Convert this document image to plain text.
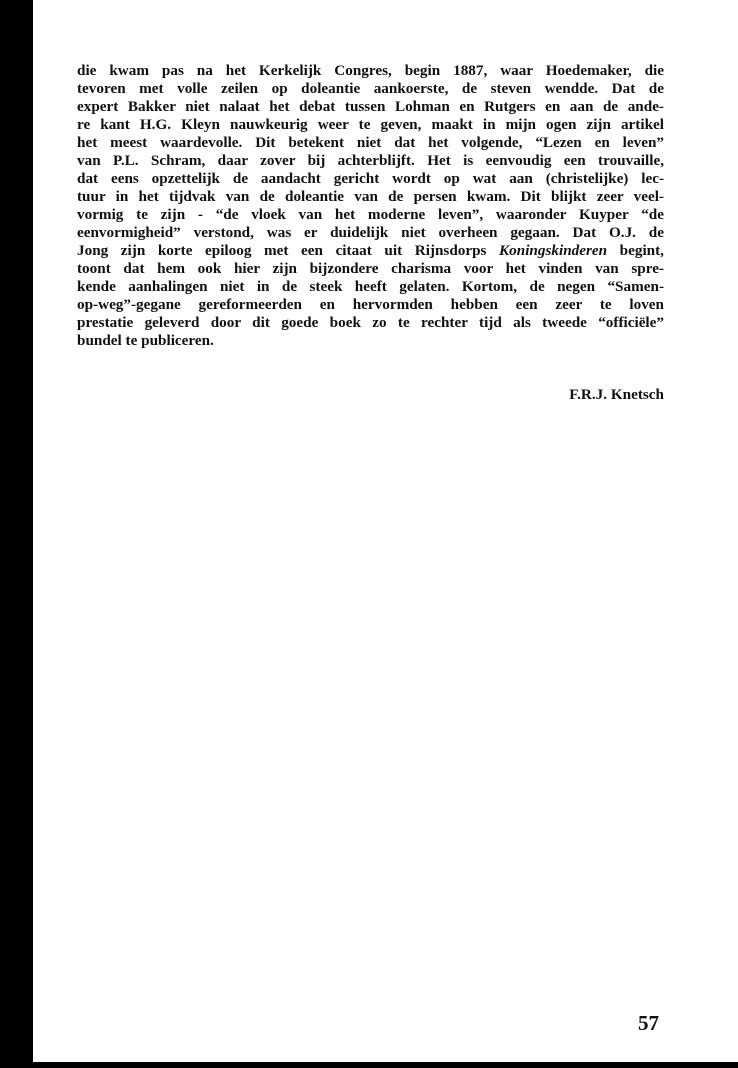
die kwam pas na het Kerkelijk Congres, begin 1887, waar Hoedemaker, die
tevoren met volle zeilen op doleantie aankoerste, de steven wendde. Dat de
expert Bakker niet nalaat het debat tussen Lohman en Rutgers en aan de ande-
re kant H.G. Kleyn nauwkeurig weer te geven, maakt in mijn ogen zijn artikel
het meest waardevolle. Dit betekent niet dat het volgende, “Lezen en leven”
van P.L. Schram, daar zover bij achterblijft. Het is eenvoudig een trouvaille,
dat eens opzettelijk de aandacht gericht wordt op wat aan (christelijke) lec-
tuur in het tijdvak van de doleantie van de persen kwam. Dit blijkt zeer veel-
vormig te zijn - “de vloek van het moderne leven”, waaronder Kuyper “de
eenvormigheid” verstond, was er duidelijk niet overheen gegaan. Dat O.J. de
Jong zijn korte epiloog met een citaat uit Rijnsdorps Koningskinderen begint,
toont dat hem ook hier zijn bijzondere charisma voor het vinden van spre-
kende aanhalingen niet in de steek heeft gelaten. Kortom, de negen “Samen-
op-weg”-gegane gereformeerden en hervormden hebben een zeer te loven
prestatie geleverd door dit goede boek zo te rechter tijd als tweede “officiële”
bundel te publiceren.

F.R.J. Knetsch
57
